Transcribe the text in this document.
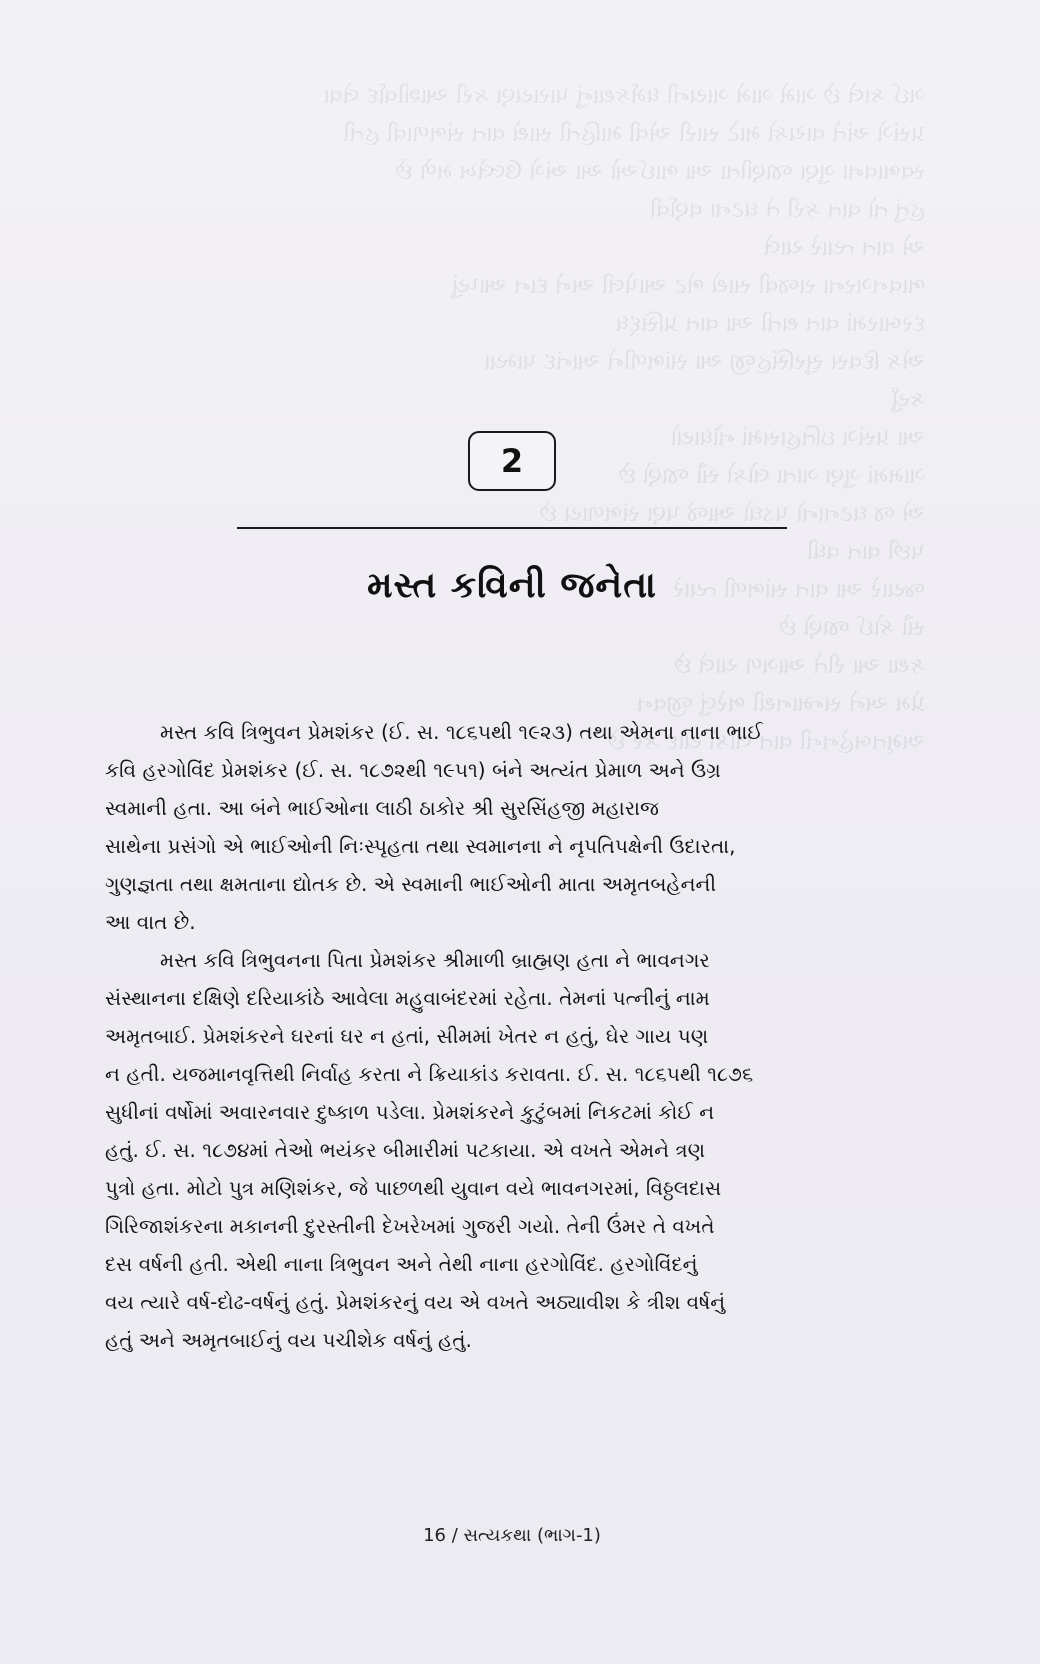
ગઈ કાલે છે ગામે ગામે ગાયની ધર્મકથાનું પારાયણ કરી આશીર્વાદ લેવા
પ્રસંગે અંતે વાચકો માટે સારી એવી માહિતી સાથે વાત સંભળાવી હતી
સ્વભાવના ગુણ જાણીતા આ ભાઈઓ આ અંગે ઉલ્લેખ મળે છે
હતું તો વાત કરી તે ઘટના વર્ણવી
એ વાત ત્યારે ચાલે
ભાવનગરના રાજવી સાથે ભેટ આપેલી અને દાન આપ્યું
દરબારમાં વાત થતી આ વાત પ્રસિદ્ધ
એક દિવસ સુરસિંહજી આ સાંભળીને આનંદ પામ્યા
કર્યું
આ પ્રસંગ ઇતિહાસમાં નોંધાયો
ગામમાં ગુણ ગાતા લોકો સૌ જાણે છે
એ જ ઘટનાનો પડઘો આજે પણ સંભળાય છે
પછી વાત વધી
જ્યારે આ વાત સાંભળી ત્યારે
સૌ કોઈ જાણે છે
કથા આ રીતે આગળ ચાલે છે
પ્રેમ અને સન્માનથી ભરેલું જીવન
અમૃતબહેનની વાત લોકો યાદ કરે છે
2
મસ્ત કવિની જનેતા
મસ્ત કવિ ત્રિભુવન પ્રેમશંકર (ઈ. સ. ૧૮૬૫થી ૧૯૨૩) તથા એમના નાના ભાઈ
કવિ હરગોવિંદ પ્રેમશંકર (ઈ. સ. ૧૮૭૨થી ૧૯૫૧) બંને અત્યંત પ્રેમાળ અને ઉગ્ર
સ્વમાની હતા. આ બંને ભાઈઓના લાઠી ઠાકોર શ્રી સુરસિંહજી મહારાજ
સાથેના પ્રસંગો એ ભાઈઓની નિઃસ્પૃહતા તથા સ્વમાનના ને નૃપતિપક્ષેની ઉદારતા,
ગુણજ્ઞતા તથા ક્ષમતાના દ્યોતક છે. એ સ્વમાની ભાઈઓની માતા અમૃતબહેનની
આ વાત છે.
મસ્ત કવિ ત્રિભુવનના પિતા પ્રેમશંકર શ્રીમાળી બ્રાહ્મણ હતા ને ભાવનગર
સંસ્થાનના દક્ષિણે દરિયાકાંઠે આવેલા મહુવાબંદરમાં રહેતા. તેમનાં પત્નીનું નામ
અમૃતબાઈ. પ્રેમશંકરને ઘરનાં ઘર ન હતાં, સીમમાં ખેતર ન હતું, ઘેર ગાય પણ
ન હતી. યજમાનવૃત્તિથી નિર્વાહ કરતા ને ક્રિયાકાંડ કરાવતા. ઈ. સ. ૧૮૬૫થી ૧૮૭૬
સુધીનાં વર્ષોમાં અવારનવાર દુષ્કાળ પડેલા. પ્રેમશંકરને કુટુંબમાં નિકટમાં કોઈ ન
હતું. ઈ. સ. ૧૮૭૪માં તેઓ ભયંકર બીમારીમાં પટકાયા. એ વખતે એમને ત્રણ
પુત્રો હતા. મોટો પુત્ર મણિશંકર, જે પાછળથી યુવાન વયે ભાવનગરમાં, વિઠ્ઠલદાસ
ગિરિજાશંકરના મકાનની દુરસ્તીની દેખરેખમાં ગુજરી ગયો. તેની ઉંમર તે વખતે
દસ વર્ષની હતી. એથી નાના ત્રિભુવન અને તેથી નાના હરગોવિંદ. હરગોવિંદનું
વય ત્યારે વર્ષ-દોઢ-વર્ષનું હતું. પ્રેમશંકરનું વય એ વખતે અઠ્યાવીશ કે ત્રીશ વર્ષનું
હતું અને અમૃતબાઈનું વય પચીશેક વર્ષનું હતું.
16 / સત્યકથા (ભાગ-1)
